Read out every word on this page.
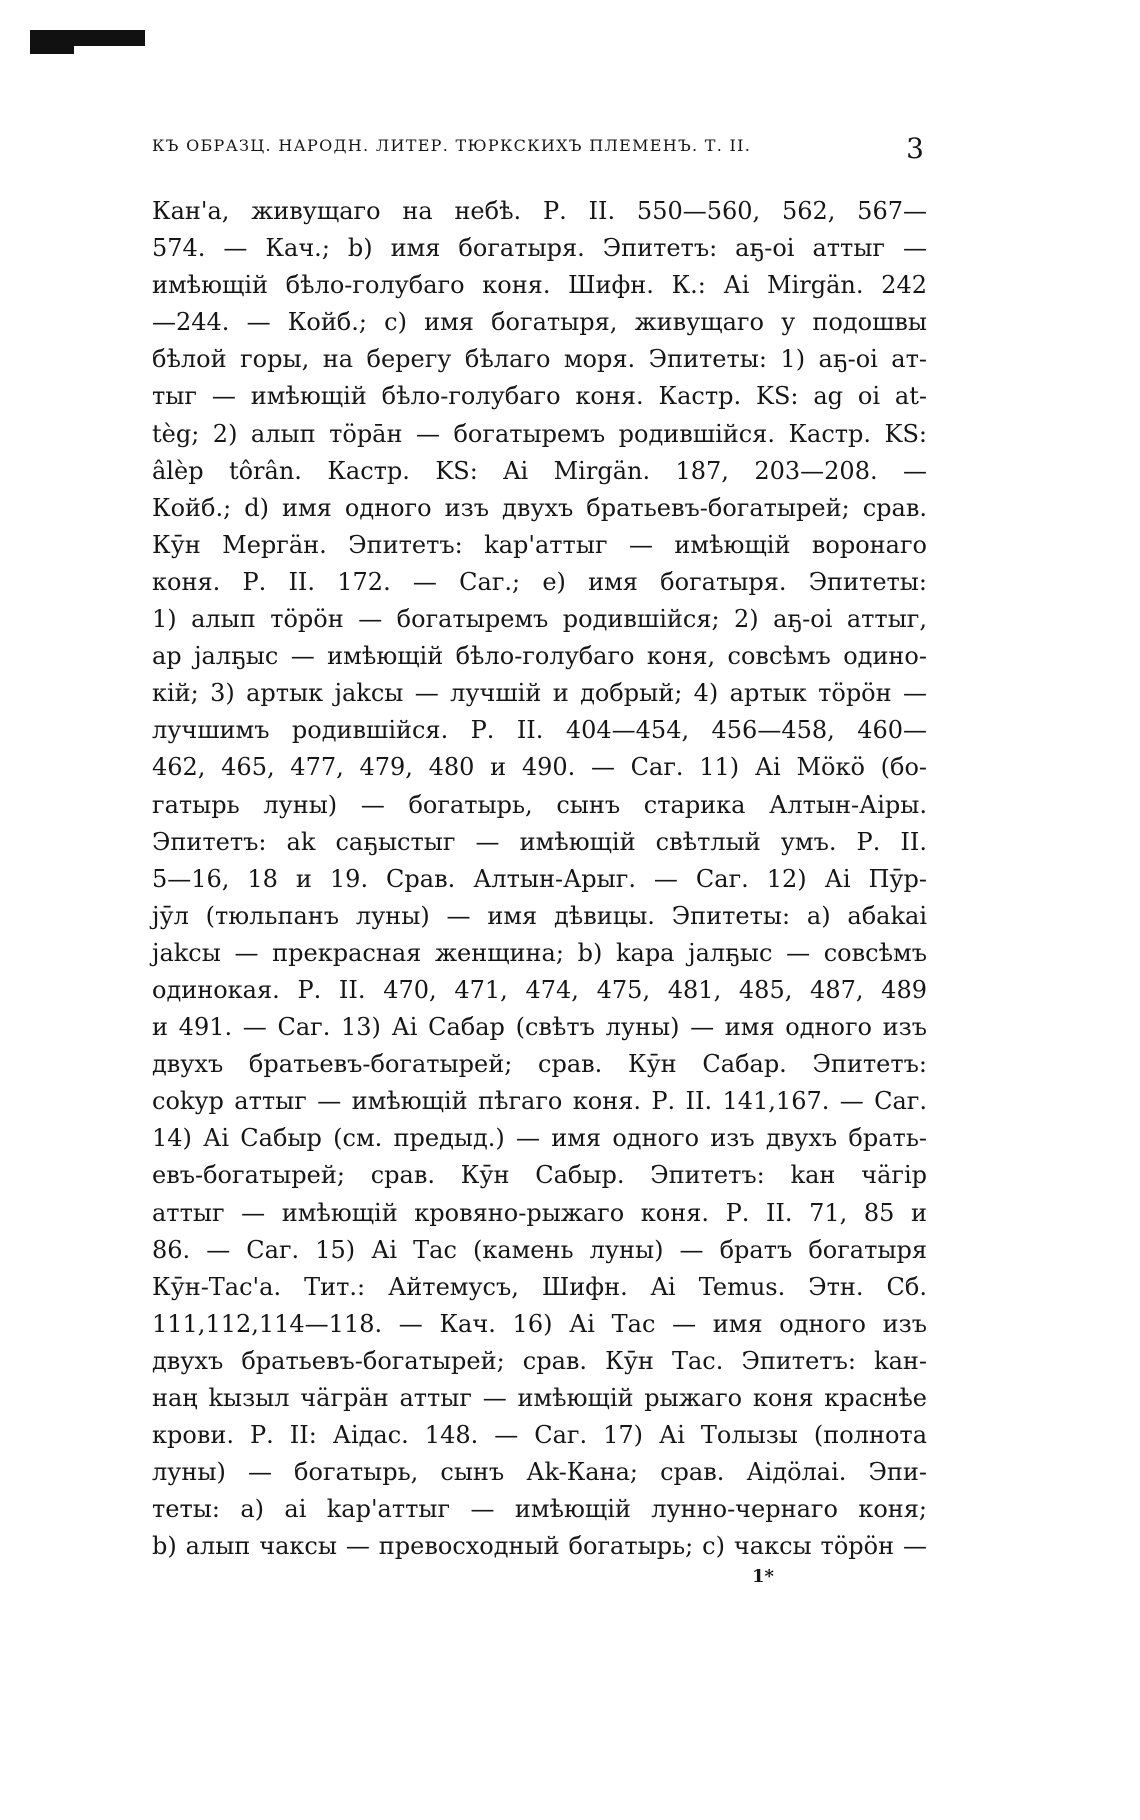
КЪ ОБРАЗЦ. НАРОДН. ЛИТЕР. ТЮРКСКИХЪ ПЛЕМЕНЪ. Т. II.	3
Кан'а, живущаго на небѣ. Р. II. 550—560, 562, 567—
574. — Кач.; b) имя богатыря. Эпитетъ: аҕ-оі аттыг —
имѣющій бѣло-голубаго коня. Шифн. К.: Аі Mirgän. 242
—244. — Койб.; с) имя богатыря, живущаго у подошвы
бѣлой горы, на берегу бѣлаго моря. Эпитеты: 1) аҕ-оі ат-
тыг — имѣющій бѣло-голубаго коня. Кастр. KS: ag oi at-
tèg; 2) алып тӧрāн — богатыремъ родившійся. Кастр. KS:
âlèp tôrân. Кастр. KS: Ai Mirgän. 187, 203—208. —
Койб.; d) имя одного изъ двухъ братьевъ-богатырей; срав.
Кӯн Мергäн. Эпитетъ: kар'аттыг — имѣющій воронаго
коня. Р. II. 172. — Саг.; е) имя богатыря. Эпитеты:
1) алып тӧрӧн — богатыремъ родившійся; 2) аҕ-оі аттыг,
ар јалҕыс — имѣющій бѣло-голубаго коня, совсѣмъ одино-
кій; 3) артык јаkсы — лучшій и добрый; 4) артык тӧрӧн —
лучшимъ родившійся. Р. II. 404—454, 456—458, 460—
462, 465, 477, 479, 480 и 490. — Саг. 11) Аі Мӧкӧ (бо-
гатырь луны) — богатырь, сынъ старика Алтын-Аіры.
Эпитетъ: аk саҕыстыг — имѣющій свѣтлый умъ. Р. II.
5—16, 18 и 19. Срав. Алтын-Арыг. — Саг. 12) Аі Пӯр-
јӯл (тюльпанъ луны) — имя дѣвицы. Эпитеты: а) абаkаі
јаkсы — прекрасная женщина; b) kара јалҕыс — совсѣмъ
одинокая. Р. II. 470, 471, 474, 475, 481, 485, 487, 489
и 491. — Саг. 13) Аі Сабар (свѣтъ луны) — имя одного изъ
двухъ братьевъ-богатырей; срав. Кӯн Сабар. Эпитетъ:
соkур аттыг — имѣющій пѣгаго коня. Р. II. 141,167. — Саг.
14) Аі Сабыр (см. предыд.) — имя одного изъ двухъ брать-
евъ-богатырей; срав. Кӯн Сабыр. Эпитетъ: kан чäгір
аттыг — имѣющій кровяно-рыжаго коня. Р. II. 71, 85 и
86. — Саг. 15) Аі Тас (камень луны) — братъ богатыря
Кӯн-Тас'а. Тит.: Айтемусъ, Шифн. Ai Temus. Этн. Сб.
111,112,114—118. — Кач. 16) Аі Тас — имя одного изъ
двухъ братьевъ-богатырей; срав. Кӯн Тас. Эпитетъ: kан-
наң kызыл чäгрäн аттыг — имѣющій рыжаго коня краснѣе
крови. Р. II: Аідас. 148. — Саг. 17) Аі Толызы (полнота
луны) — богатырь, сынъ Аk-Кана; срав. Аідӧлаі. Эпи-
теты: а) аі kар'аттыг — имѣющій лунно-чернаго коня;
b) алып чаксы — превосходный богатырь; с) чаксы тӧрӧн —
1*
